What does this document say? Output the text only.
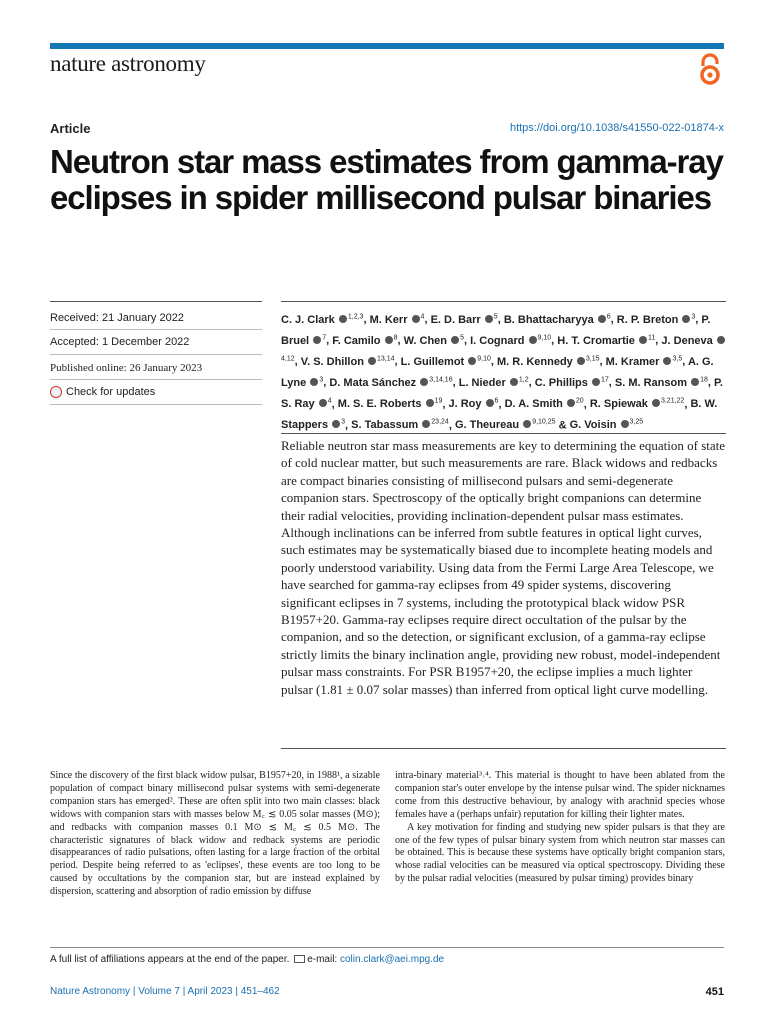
nature astronomy
Article	https://doi.org/10.1038/s41550-022-01874-x
Neutron star mass estimates from gamma-ray eclipses in spider millisecond pulsar binaries
Received: 21 January 2022
Accepted: 1 December 2022
Published online: 26 January 2023
Check for updates
C. J. Clark $^{1,2,3}$, M. Kerr $^4$, E. D. Barr $^5$, B. Bhattacharyya $^6$, R. P. Breton $^3$, P. Bruel $^7$, F. Camilo $^8$, W. Chen $^5$, I. Cognard $^{9,10}$, H. T. Cromartie $^{11}$, J. Deneva $^{4,12}$, V. S. Dhillon $^{13,14}$, L. Guillemot $^{9,10}$, M. R. Kennedy $^{3,15}$, M. Kramer $^{3,5}$, A. G. Lyne $^3$, D. Mata Sánchez $^{3,14,16}$, L. Nieder $^{1,2}$, C. Phillips $^{17}$, S. M. Ransom $^{18}$, P. S. Ray $^4$, M. S. E. Roberts $^{19}$, J. Roy $^6$, D. A. Smith $^{20}$, R. Spiewak $^{3,21,22}$, B. W. Stappers $^3$, S. Tabassum $^{23,24}$, G. Theureau $^{9,10,25}$ & G. Voisin $^{3,25}$
Reliable neutron star mass measurements are key to determining the equation of state of cold nuclear matter, but such measurements are rare. Black widows and redbacks are compact binaries consisting of millisecond pulsars and semi-degenerate companion stars. Spectroscopy of the optically bright companions can determine their radial velocities, providing inclination-dependent pulsar mass estimates. Although inclinations can be inferred from subtle features in optical light curves, such estimates may be systematically biased due to incomplete heating models and poorly understood variability. Using data from the Fermi Large Area Telescope, we have searched for gamma-ray eclipses from 49 spider systems, discovering significant eclipses in 7 systems, including the prototypical black widow PSR B1957+20. Gamma-ray eclipses require direct occultation of the pulsar by the companion, and so the detection, or significant exclusion, of a gamma-ray eclipse strictly limits the binary inclination angle, providing new robust, model-independent pulsar mass constraints. For PSR B1957+20, the eclipse implies a much lighter pulsar (1.81 ± 0.07 solar masses) than inferred from optical light curve modelling.
Since the discovery of the first black widow pulsar, B1957+20, in 1988¹, a sizable population of compact binary millisecond pulsar systems with semi-degenerate companion stars has emerged². These are often split into two main classes: black widows with companion stars with masses below M꜀ ≲ 0.05 solar masses (M⊙); and redbacks with companion masses 0.1 M⊙ ≲ M꜀ ≲ 0.5 M⊙. The characteristic signatures of black widow and redback systems are periodic disappearances of radio pulsations, often lasting for a large fraction of the orbital period. Despite being referred to as 'eclipses', these events are too long to be caused by occultations by the companion star, but are instead explained by dispersion, scattering and absorption of radio emission by diffuse
intra-binary material³˒⁴. This material is thought to have been ablated from the companion star's outer envelope by the intense pulsar wind. The spider nicknames come from this destructive behaviour, by analogy with arachnid species whose females have a (perhaps unfair) reputation for killing their lighter mates.
A key motivation for finding and studying new spider pulsars is that they are one of the few types of pulsar binary system from which neutron star masses can be obtained. This is because these systems have optically bright companion stars, whose radial velocities can be measured via optical spectroscopy. Dividing these by the pulsar radial velocities (measured by pulsar timing) provides binary
A full list of affiliations appears at the end of the paper. e-mail: colin.clark@aei.mpg.de
Nature Astronomy | Volume 7 | April 2023 | 451–462	451
